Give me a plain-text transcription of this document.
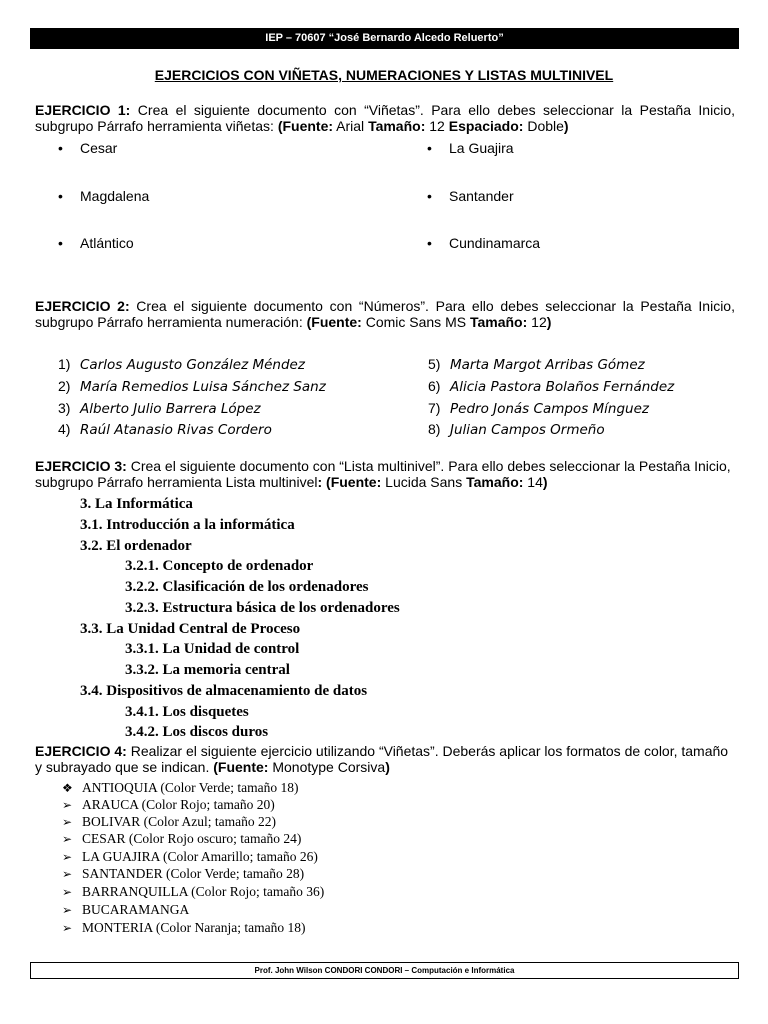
IEP – 70607 “José Bernardo Alcedo Reluerto”
EJERCICIOS CON VIÑETAS, NUMERACIONES Y LISTAS MULTINIVEL
EJERCICIO 1: Crea el siguiente documento con “Viñetas”. Para ello debes seleccionar la Pestaña Inicio, subgrupo Párrafo herramienta viñetas: (Fuente: Arial Tamaño: 12 Espaciado: Doble)
• Cesar	• La Guajira
• Magdalena	• Santander
• Atlántico	• Cundinamarca
EJERCICIO 2: Crea el siguiente documento con “Números”. Para ello debes seleccionar la Pestaña Inicio, subgrupo Párrafo herramienta numeración: (Fuente: Comic Sans MS Tamaño: 12)
1) Carlos Augusto González Méndez
2) María Remedios Luisa Sánchez Sanz
3) Alberto Julio Barrera López
4) Raúl Atanasio Rivas Cordero
5) Marta Margot Arribas Gómez
6) Alicia Pastora Bolaños Fernández
7) Pedro Jonás Campos Mínguez
8) Julian Campos Ormeño
EJERCICIO 3: Crea el siguiente documento con “Lista multinivel”. Para ello debes seleccionar la Pestaña Inicio, subgrupo Párrafo herramienta Lista multinivel: (Fuente: Lucida Sans Tamaño: 14)
3. La Informática
3.1. Introducción a la informática
3.2. El ordenador
3.2.1. Concepto de ordenador
3.2.2. Clasificación de los ordenadores
3.2.3. Estructura básica de los ordenadores
3.3. La Unidad Central de Proceso
3.3.1. La Unidad de control
3.3.2. La memoria central
3.4. Dispositivos de almacenamiento de datos
3.4.1. Los disquetes
3.4.2. Los discos duros
EJERCICIO 4: Realizar el siguiente ejercicio utilizando “Viñetas”. Deberás aplicar los formatos de color, tamaño y subrayado que se indican. (Fuente: Monotype Corsiva)
❖ ANTIOQUIA (Color Verde; tamaño 18)
➢ ARAUCA (Color Rojo; tamaño 20)
➢ BOLIVAR (Color Azul; tamaño 22)
➢ CESAR (Color Rojo oscuro; tamaño 24)
➢ LA GUAJIRA (Color Amarillo; tamaño 26)
➢ SANTANDER (Color Verde; tamaño 28)
➢ BARRANQUILLA (Color Rojo; tamaño 36)
➢ BUCARAMANGA
➢ MONTERIA (Color Naranja; tamaño 18)
Prof. John Wilson CONDORI CONDORI – Computación e Informática
